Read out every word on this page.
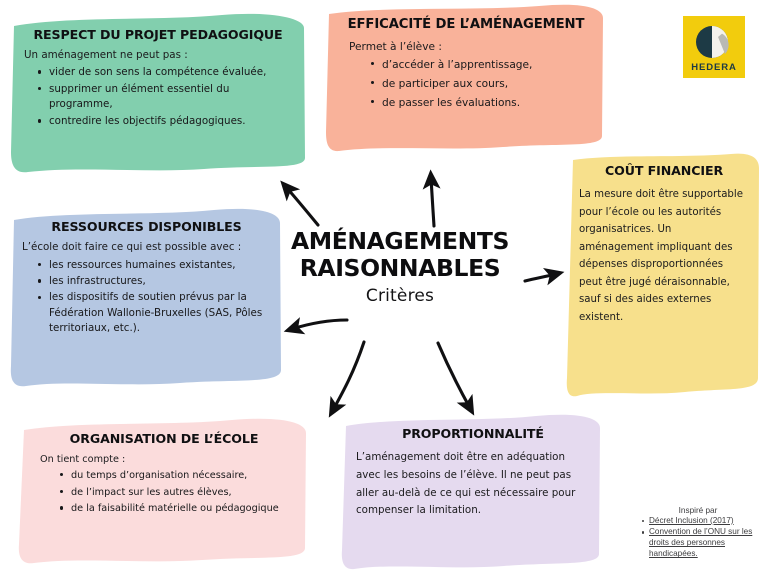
RESPECT DU PROJET PEDAGOGIQUE
Un aménagement ne peut pas :
vider de son sens la compétence évaluée,
supprimer un élément essentiel du programme,
contredire les objectifs pédagogiques.
EFFICACITÉ DE L’AMÉNAGEMENT
Permet à l’élève :
d’accéder à l’apprentissage,
de participer aux cours,
de passer les évaluations.
COÛT FINANCIER
La mesure doit être supportable pour l’école ou les autorités organisatrices. Un aménagement impliquant des dépenses disproportionnées peut être jugé déraisonnable, sauf si des aides externes existent.
RESSOURCES DISPONIBLES
L’école doit faire ce qui est possible avec :
les ressources humaines existantes,
les infrastructures,
les dispositifs de soutien prévus par la Fédération Wallonie-Bruxelles (SAS, Pôles territoriaux, etc.).
ORGANISATION DE L’ÉCOLE
On tient compte :
du temps d’organisation nécessaire,
de l’impact sur les autres élèves,
de la faisabilité matérielle ou pédagogique
PROPORTIONNALITÉ
L’aménagement doit être en adéquation avec les besoins de l’élève. Il ne peut pas aller au-delà de ce qui est nécessaire pour compenser la limitation.
AMÉNAGEMENTS
RAISONNABLES
Critères
HEDERA
Inspiré par
Décret Inclusion (2017)
Convention de l’ONU sur les droits des personnes handicapées.
